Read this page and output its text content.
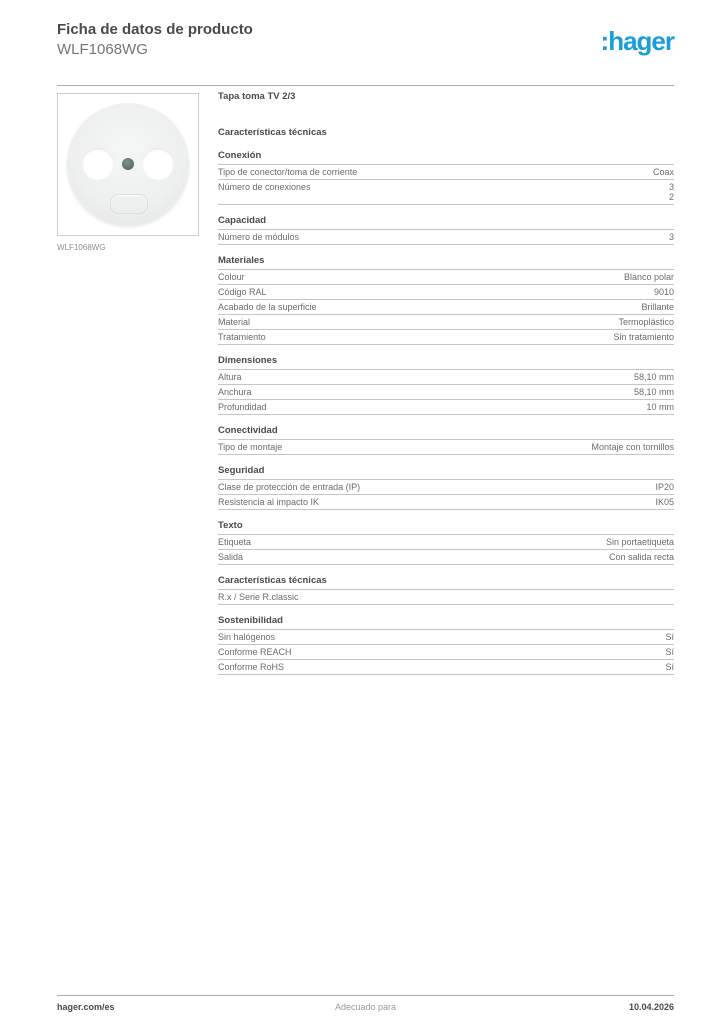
Ficha de datos de producto
WLF1068WG	:hager
WLF1068WG
Tapa toma TV 2/3
Características técnicas
Conexión
Tipo de conector/toma de corriente	Coax
Número de conexiones	3
2
Capacidad
Número de módulos	3
Materiales
Colour	Blanco polar
Código RAL	9010
Acabado de la superficie	Brillante
Material	Termoplástico
Tratamiento	Sin tratamiento
Dimensiones
Altura	58,10 mm
Anchura	58,10 mm
Profundidad	10 mm
Conectividad
Tipo de montaje	Montaje con tornillos
Seguridad
Clase de protección de entrada (IP)	IP20
Resistencia al impacto IK	IK05
Texto
Etiqueta	Sin portaetiqueta
Salida	Con salida recta
Características técnicas
R.x / Serie R.classic
Sostenibilidad
Sin halógenos	Sí
Conforme REACH	Sí
Conforme RoHS	Sí
Adecuado para
hager.com/es	10.04.2026
